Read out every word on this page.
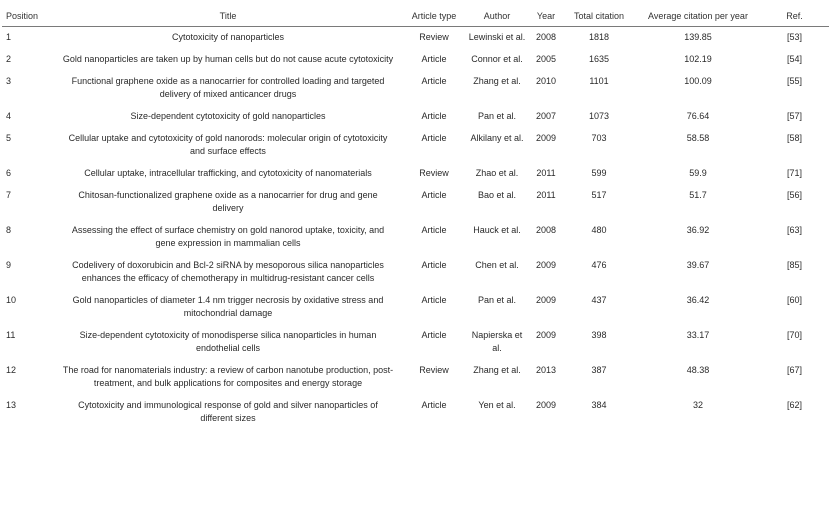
Position	Title	Article type	Author	Year	Total citation	Average citation per year	Ref.
1	Cytotoxicity of nanoparticles	Review	Lewinski et al.	2008	1818	139.85	[53]
2	Gold nanoparticles are taken up by human cells but do not cause acute cytotoxicity	Article	Connor et al.	2005	1635	102.19	[54]
3	Functional graphene oxide as a nanocarrier for controlled loading and targeted delivery of mixed anticancer drugs	Article	Zhang et al.	2010	1101	100.09	[55]
4	Size-dependent cytotoxicity of gold nanoparticles	Article	Pan et al.	2007	1073	76.64	[57]
5	Cellular uptake and cytotoxicity of gold nanorods: molecular origin of cytotoxicity and surface effects	Article	Alkilany et al.	2009	703	58.58	[58]
6	Cellular uptake, intracellular trafficking, and cytotoxicity of nanomaterials	Review	Zhao et al.	2011	599	59.9	[71]
7	Chitosan-functionalized graphene oxide as a nanocarrier for drug and gene delivery	Article	Bao et al.	2011	517	51.7	[56]
8	Assessing the effect of surface chemistry on gold nanorod uptake, toxicity, and gene expression in mammalian cells	Article	Hauck et al.	2008	480	36.92	[63]
9	Codelivery of doxorubicin and Bcl-2 siRNA by mesoporous silica nanoparticles enhances the efficacy of chemotherapy in multidrug-resistant cancer cells	Article	Chen et al.	2009	476	39.67	[85]
10	Gold nanoparticles of diameter 1.4 nm trigger necrosis by oxidative stress and mitochondrial damage	Article	Pan et al.	2009	437	36.42	[60]
11	Size-dependent cytotoxicity of monodisperse silica nanoparticles in human endothelial cells	Article	Napierska et al.	2009	398	33.17	[70]
12	The road for nanomaterials industry: a review of carbon nanotube production, post-treatment, and bulk applications for composites and energy storage	Review	Zhang et al.	2013	387	48.38	[67]
13	Cytotoxicity and immunological response of gold and silver nanoparticles of different sizes	Article	Yen et al.	2009	384	32	[62]
